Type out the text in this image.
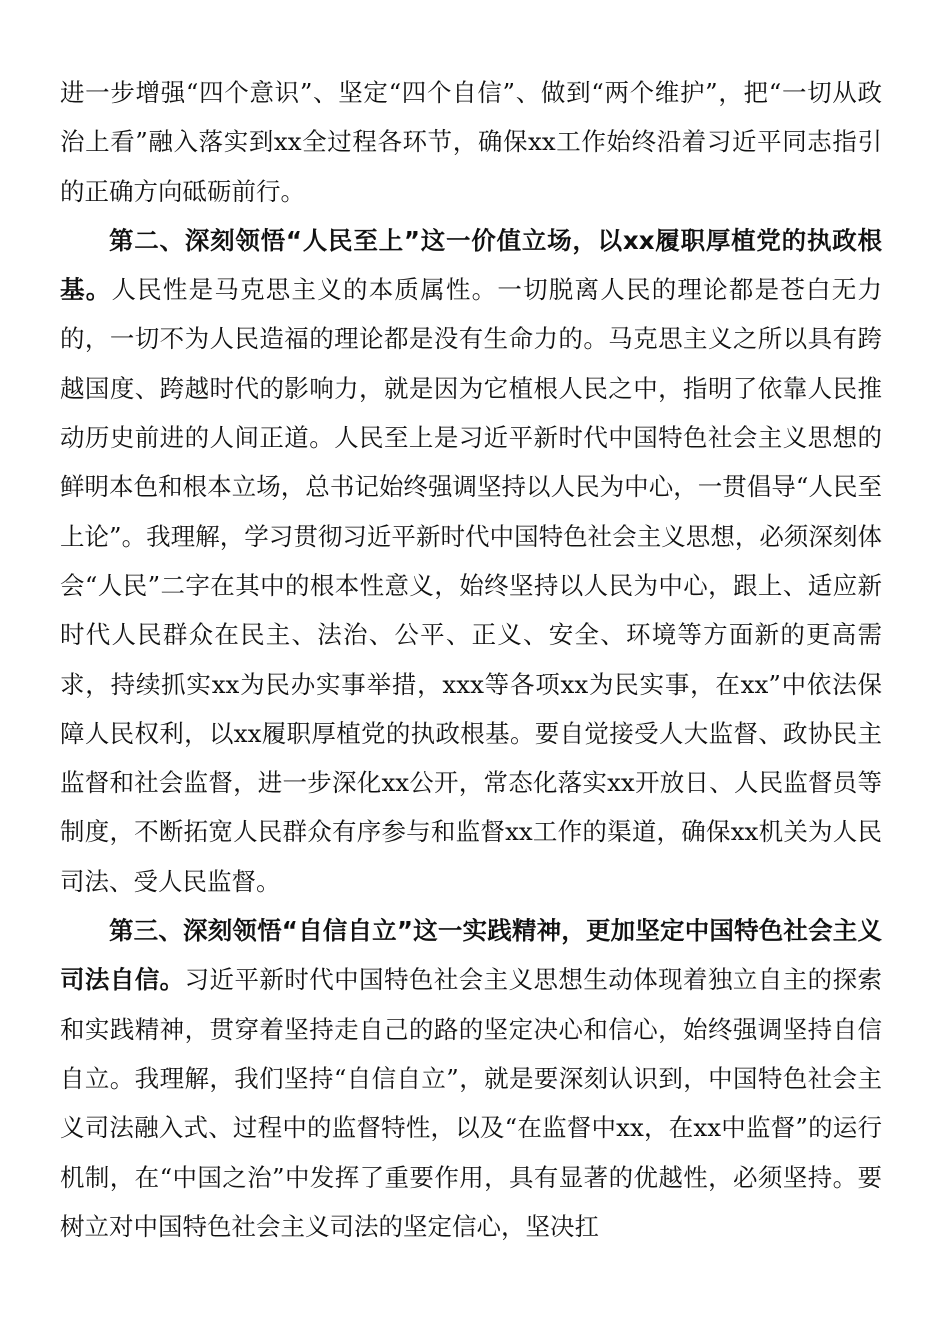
进一步增强“四个意识”、坚定“四个自信”、做到“两个维护”，把“一切从政治上看”融入落实到xx全过程各环节，确保xx工作始终沿着习近平同志指引的正确方向砥砺前行。

第二、深刻领悟“人民至上”这一价值立场，以xx履职厚植党的执政根基。人民性是马克思主义的本质属性。一切脱离人民的理论都是苍白无力的，一切不为人民造福的理论都是没有生命力的。马克思主义之所以具有跨越国度、跨越时代的影响力，就是因为它植根人民之中，指明了依靠人民推动历史前进的人间正道。人民至上是习近平新时代中国特色社会主义思想的鲜明本色和根本立场，总书记始终强调坚持以人民为中心，一贯倡导“人民至上论”。我理解，学习贯彻习近平新时代中国特色社会主义思想，必须深刻体会“人民”二字在其中的根本性意义，始终坚持以人民为中心，跟上、适应新时代人民群众在民主、法治、公平、正义、安全、环境等方面新的更高需求，持续抓实xx为民办实事举措，xxx等各项xx为民实事，在xx”中依法保障人民权利，以xx履职厚植党的执政根基。要自觉接受人大监督、政协民主监督和社会监督，进一步深化xx公开，常态化落实xx开放日、人民监督员等制度，不断拓宽人民群众有序参与和监督xx工作的渠道，确保xx机关为人民司法、受人民监督。

第三、深刻领悟“自信自立”这一实践精神，更加坚定中国特色社会主义司法自信。习近平新时代中国特色社会主义思想生动体现着独立自主的探索和实践精神，贯穿着坚持走自己的路的坚定决心和信心，始终强调坚持自信自立。我理解，我们坚持“自信自立”，就是要深刻认识到，中国特色社会主义司法融入式、过程中的监督特性，以及“在监督中xx，在xx中监督”的运行机制，在“中国之治”中发挥了重要作用，具有显著的优越性，必须坚持。要树立对中国特色社会主义司法的坚定信心，坚决扛
